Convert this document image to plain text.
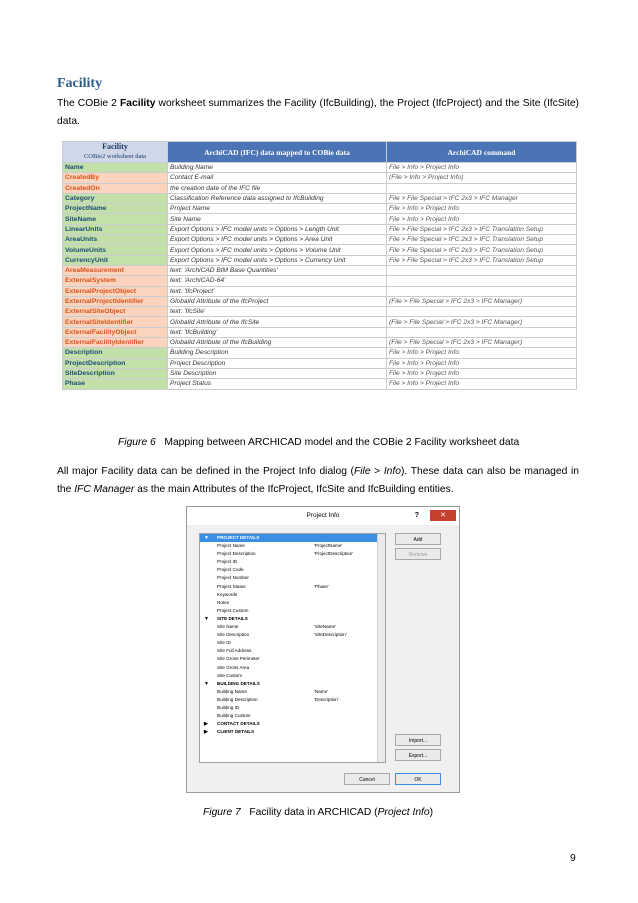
Facility
The COBie 2 Facility worksheet summarizes the Facility (IfcBuilding), the Project (IfcProject) and the Site (IfcSite) data.
Facility
COBie2 worksheet data	ArchiCAD (IFC) data mapped to COBie data	ArchiCAD command
Name	Building Name	File > Info > Project Info
CreatedBy	Contact E-mail	(File > Info > Project Info)
CreatedOn	the creation date of the IFC file	
Category	Classification Reference data assigned to IfcBuilding	File > File Special > IFC 2x3 > IFC Manager
ProjectName	Project Name	File > Info > Project Info
SiteName	Site Name	File > Info > Project Info
LinearUnits	Export Options > IFC model units > Options > Length Unit	File > File Special > IFC 2x3 > IFC Translation Setup
AreaUnits	Export Options > IFC model units > Options > Area Unit	File > File Special > IFC 2x3 > IFC Translation Setup
VolumeUnits	Export Options > IFC model units > Options > Volume Unit	File > File Special > IFC 2x3 > IFC Translation Setup
CurrencyUnit	Export Options > IFC model units > Options > Currency Unit	File > File Special > IFC 2x3 > IFC Translation Setup
AreaMeasurement	text: 'ArchiCAD BIM Base Quantities'	
ExternalSystem	text: 'ArchiCAD-64'	
ExternalProjectObject	text: 'IfcProject'	
ExternalProjectIdentifier	GlobalId Attribute of the IfcProject	(File > File Special > IFC 2x3 > IFC Manager)
ExternalSiteObject	text: 'IfcSite'	
ExternalSiteIdentifier	GlobalId Attribute of the IfcSite	(File > File Special > IFC 2x3 > IFC Manager)
ExternalFacilityObject	text: 'IfcBuilding'	
ExternalFacilityIdentifier	GlobalId Attribute of the IfcBuilding	(File > File Special > IFC 2x3 > IFC Manager)
Description	Building Description	File > Info > Project Info
ProjectDescription	Project Description	File > Info > Project Info
SiteDescription	Site Description	File > Info > Project Info
Phase	Project Status	File > Info > Project Info
Figure 6 Mapping between ARCHICAD model and the COBie 2 Facility worksheet data
All major Facility data can be defined in the Project Info dialog (File > Info). These data can also be managed in the IFC Manager as the main Attributes of the IfcProject, IfcSite and IfcBuilding entities.
Project Info	?	✕
▼ PROJECT DETAILS
Project Name	'ProjectName'
Project Description	'ProjectDescription'
Project ID
Project Code
Project Number
Project Status	'Phase'
Keywords
Notes
Project Custom
▼ SITE DETAILS
Site Name	'SiteName'
Site Description	'SiteDescription'
Site ID
Site Full Address
Site Gross Perimeter
Site Gross Area
Site Custom
▼ BUILDING DETAILS
Building Name	'Name'
Building Description	'Description'
Building ID
Building Custom
▶ CONTACT DETAILS
▶ CLIENT DETAILS
Add
Remove
Import...
Export...
Cancel	OK
Figure 7 Facility data in ARCHICAD (Project Info)
9
